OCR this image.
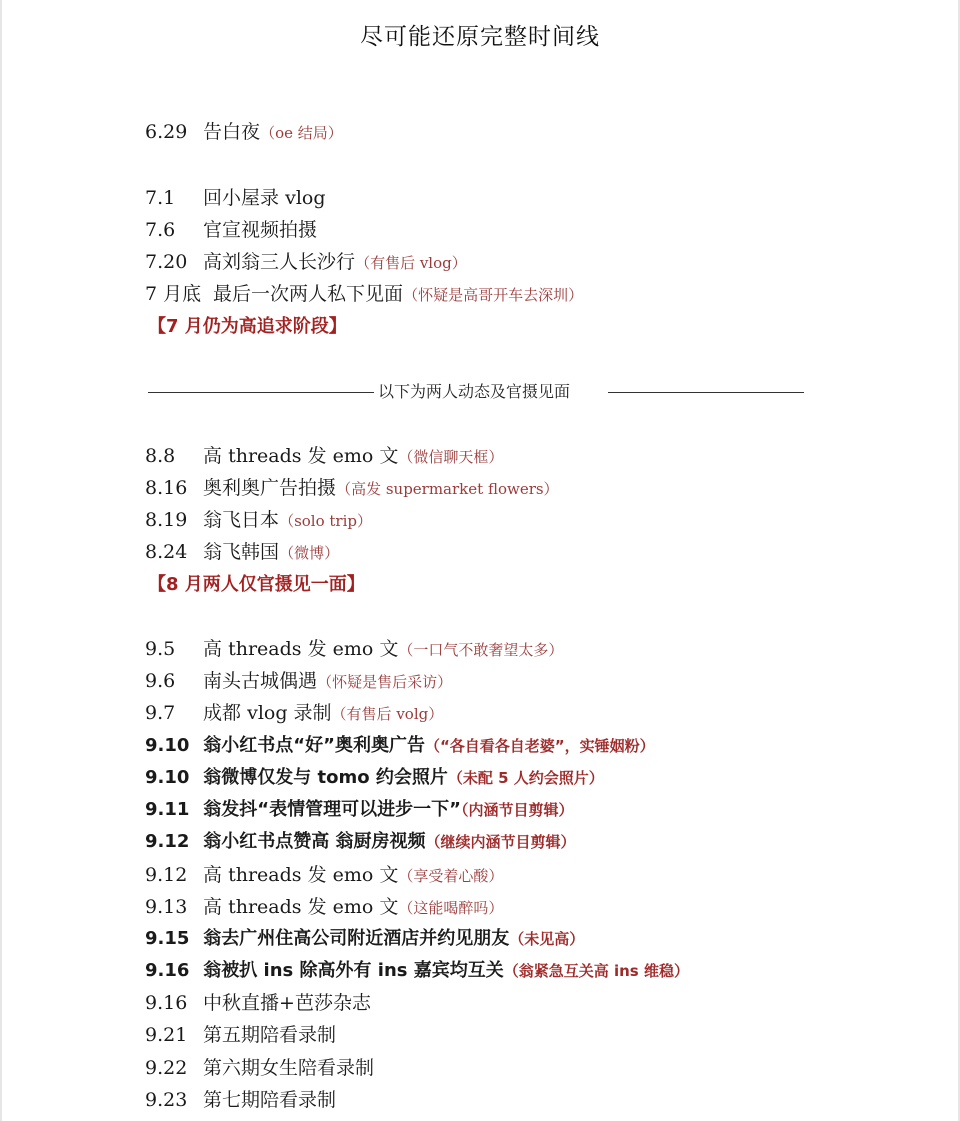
尽可能还原完整时间线
6.29 告白夜（oe 结局）
7.1 回小屋录 vlog
7.6 官宣视频拍摄
7.20 高刘翁三人长沙行（有售后 vlog）
7 月底 最后一次两人私下见面（怀疑是高哥开车去深圳）
【7 月仍为高追求阶段】
以下为两人动态及官摄见面
8.8 高 threads 发 emo 文（微信聊天框）
8.16 奥利奥广告拍摄（高发 supermarket flowers）
8.19 翁飞日本（solo trip）
8.24 翁飞韩国（微博）
【8 月两人仅官摄见一面】
9.5 高 threads 发 emo 文（一口气不敢奢望太多）
9.6 南头古城偶遇（怀疑是售后采访）
9.7 成都 vlog 录制（有售后 volg）
9.10 翁小红书点“好”奥利奥广告（“各自看各自老婆”，实锤姻粉）
9.10 翁微博仅发与 tomo 约会照片（未配 5 人约会照片）
9.11 翁发抖“表情管理可以进步一下”（内涵节目剪辑）
9.12 翁小红书点赞高 翁厨房视频（继续内涵节目剪辑）
9.12 高 threads 发 emo 文（享受着心酸）
9.13 高 threads 发 emo 文（这能喝醉吗）
9.15 翁去广州住高公司附近酒店并约见朋友（未见高）
9.16 翁被扒 ins 除高外有 ins 嘉宾均互关（翁紧急互关高 ins 维稳）
9.16 中秋直播+芭莎杂志
9.21 第五期陪看录制
9.22 第六期女生陪看录制
9.23 第七期陪看录制
